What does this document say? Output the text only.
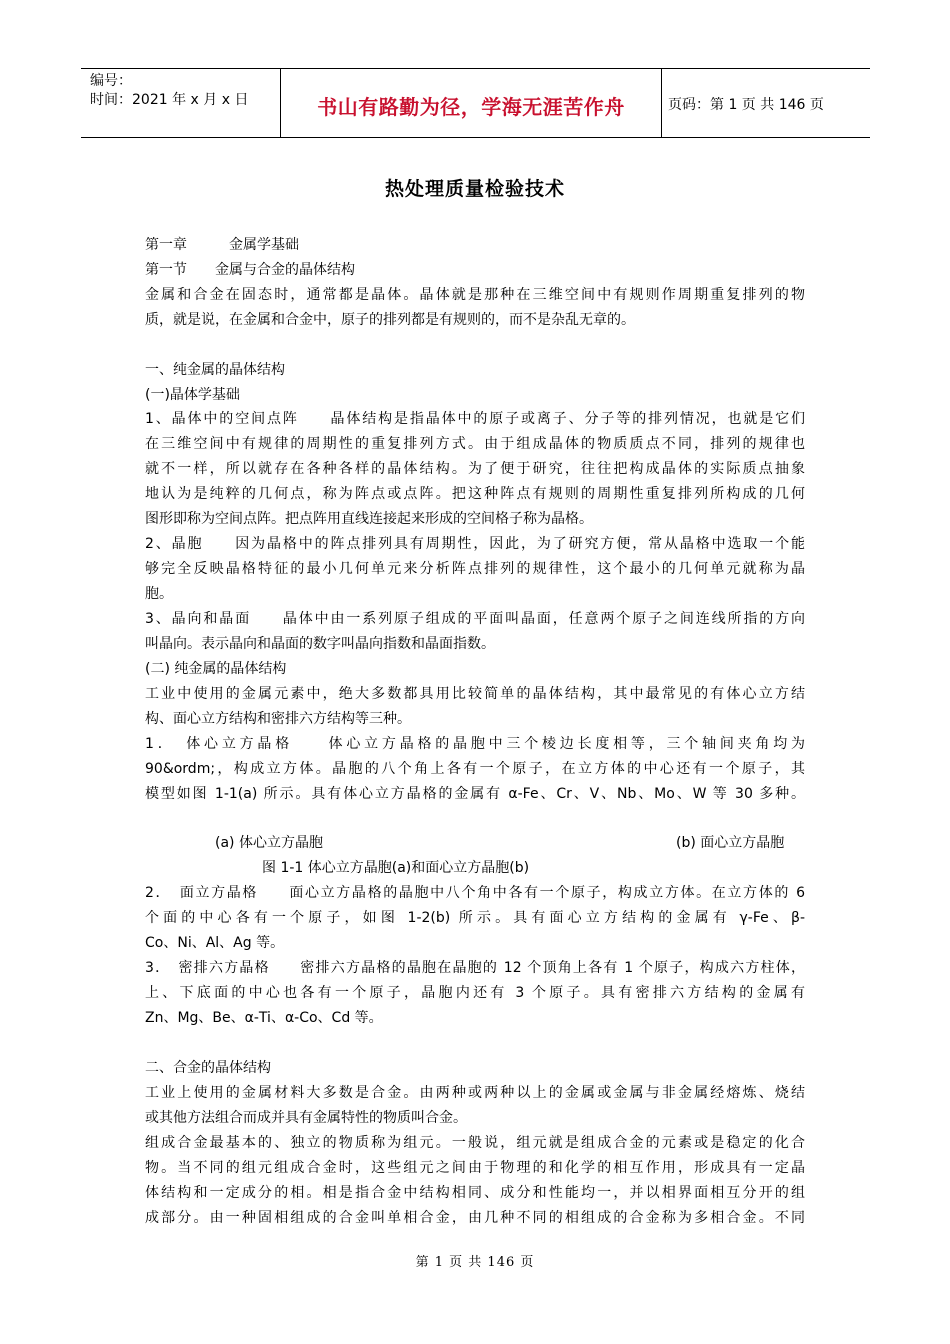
编号：
时间：2021 年 x 月 x 日	书山有路勤为径，学海无涯苦作舟	页码：第 1 页 共 146 页
热处理质量检验技术
第一章　　　金属学基础
第一节　　金属与合金的晶体结构
金属和合金在固态时，通常都是晶体。晶体就是那种在三维空间中有规则作周期重复排列的物
质，就是说，在金属和合金中，原子的排列都是有规则的，而不是杂乱无章的。
一、纯金属的晶体结构
(一)晶体学基础
1、晶体中的空间点阵　　晶体结构是指晶体中的原子或离子、分子等的排列情况，也就是它们
在三维空间中有规律的周期性的重复排列方式。由于组成晶体的物质质点不同，排列的规律也
就不一样，所以就存在各种各样的晶体结构。为了便于研究，往往把构成晶体的实际质点抽象
地认为是纯粹的几何点，称为阵点或点阵。把这种阵点有规则的周期性重复排列所构成的几何
图形即称为空间点阵。把点阵用直线连接起来形成的空间格子称为晶格。
2、晶胞　　因为晶格中的阵点排列具有周期性，因此，为了研究方便，常从晶格中选取一个能
够完全反映晶格特征的最小几何单元来分析阵点排列的规律性，这个最小的几何单元就称为晶
胞。
3、晶向和晶面　　晶体中由一系列原子组成的平面叫晶面，任意两个原子之间连线所指的方向
叫晶向。表示晶向和晶面的数字叫晶向指数和晶面指数。
(二) 纯金属的晶体结构
工业中使用的金属元素中，绝大多数都具用比较简单的晶体结构，其中最常见的有体心立方结
构、面心立方结构和密排六方结构等三种。
1．　体心立方晶格　　体心立方晶格的晶胞中三个棱边长度相等，三个轴间夹角均为
90&ordm;，构成立方体。晶胞的八个角上各有一个原子，在立方体的中心还有一个原子，其
模型如图 1-1(a) 所示。具有体心立方晶格的金属有 α-Fe、Cr、V、Nb、Mo、W 等 30 多种。
(a) 体心立方晶胞	(b) 面心立方晶胞
图 1-1 体心立方晶胞(a)和面心立方晶胞(b)
2．　面立方晶格　　面心立方晶格的晶胞中八个角中各有一个原子，构成立方体。在立方体的 6
个面的中心各有一个原子，如图 1-2(b) 所示。具有面心立方结构的金属有 γ-Fe、β-
Co、Ni、Al、Ag 等。
3．　密排六方晶格　　密排六方晶格的晶胞在晶胞的 12 个顶角上各有 1 个原子，构成六方柱体，
上、下底面的中心也各有一个原子，晶胞内还有 3 个原子。具有密排六方结构的金属有
Zn、Mg、Be、α-Ti、α-Co、Cd 等。
二、合金的晶体结构
工业上使用的金属材料大多数是合金。由两种或两种以上的金属或金属与非金属经熔炼、烧结
或其他方法组合而成并具有金属特性的物质叫合金。
组成合金最基本的、独立的物质称为组元。一般说，组元就是组成合金的元素或是稳定的化合
物。当不同的组元组成合金时，这些组元之间由于物理的和化学的相互作用，形成具有一定晶
体结构和一定成分的相。相是指合金中结构相同、成分和性能均一，并以相界面相互分开的组
成部分。由一种固相组成的合金叫单相合金，由几种不同的相组成的合金称为多相合金。不同
第 1 页 共 146 页
